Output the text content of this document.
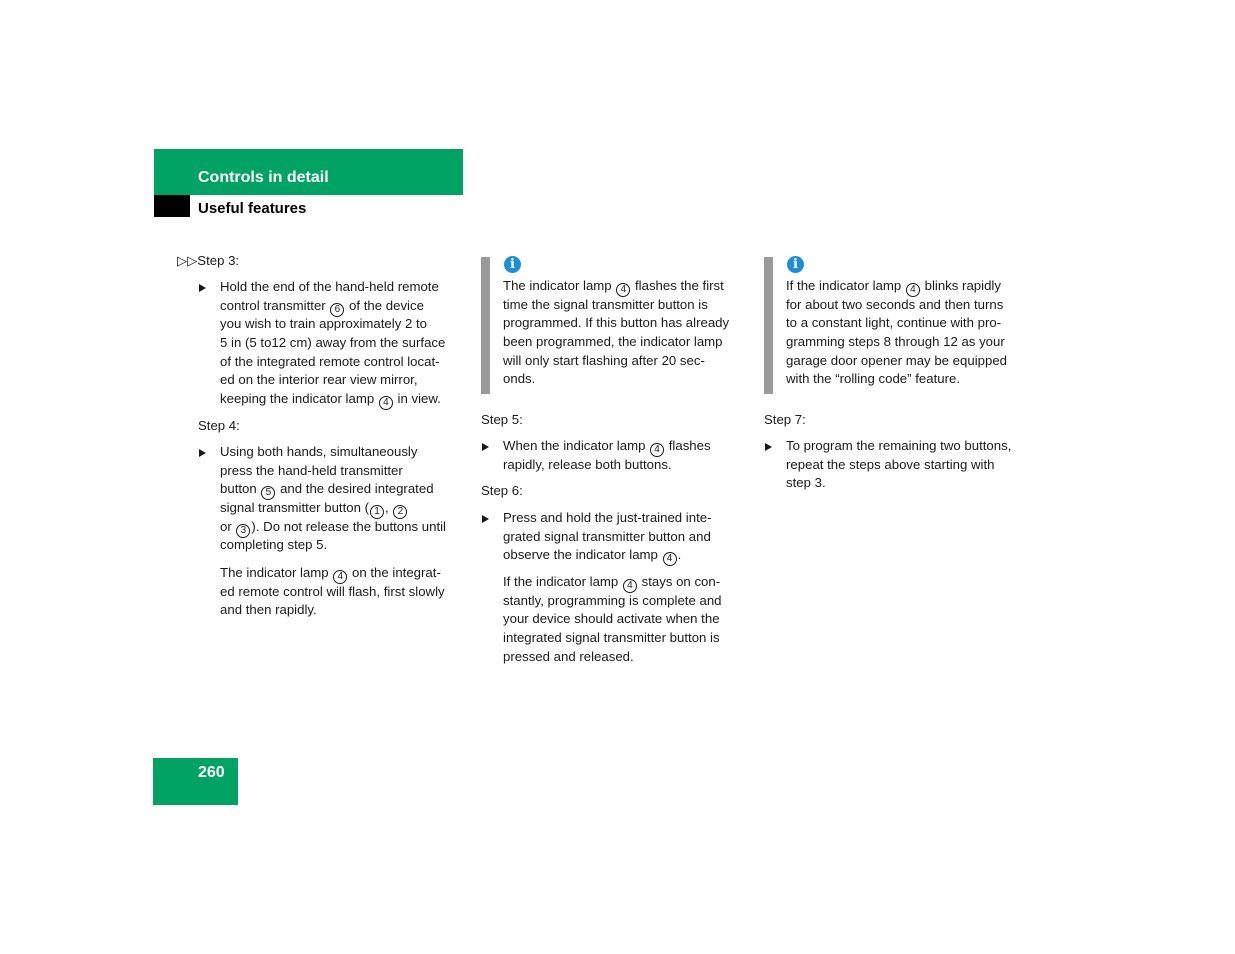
Controls in detail
Useful features
▷▷Step 3:
Hold the end of the hand-held remote
control transmitter 6 of the device
you wish to train approximately 2 to
5 in (5 to12 cm) away from the surface
of the integrated remote control locat-
ed on the interior rear view mirror,
keeping the indicator lamp 4 in view.
Step 4:
Using both hands, simultaneously
press the hand-held transmitter
button 5 and the desired integrated
signal transmitter button ( 1 , 2
or 3 ). Do not release the buttons until
completing step 5.
The indicator lamp 4 on the integrat-
ed remote control will flash, first slowly
and then rapidly.
i
The indicator lamp 4 flashes the first
time the signal transmitter button is
programmed. If this button has already
been programmed, the indicator lamp
will only start flashing after 20 sec-
onds.
Step 5:
When the indicator lamp 4 flashes
rapidly, release both buttons.
Step 6:
Press and hold the just-trained inte-
grated signal transmitter button and
observe the indicator lamp 4 .
If the indicator lamp 4 stays on con-
stantly, programming is complete and
your device should activate when the
integrated signal transmitter button is
pressed and released.
i
If the indicator lamp 4 blinks rapidly
for about two seconds and then turns
to a constant light, continue with pro-
gramming steps 8 through 12 as your
garage door opener may be equipped
with the “rolling code” feature.
Step 7:
To program the remaining two buttons,
repeat the steps above starting with
step 3.
260
